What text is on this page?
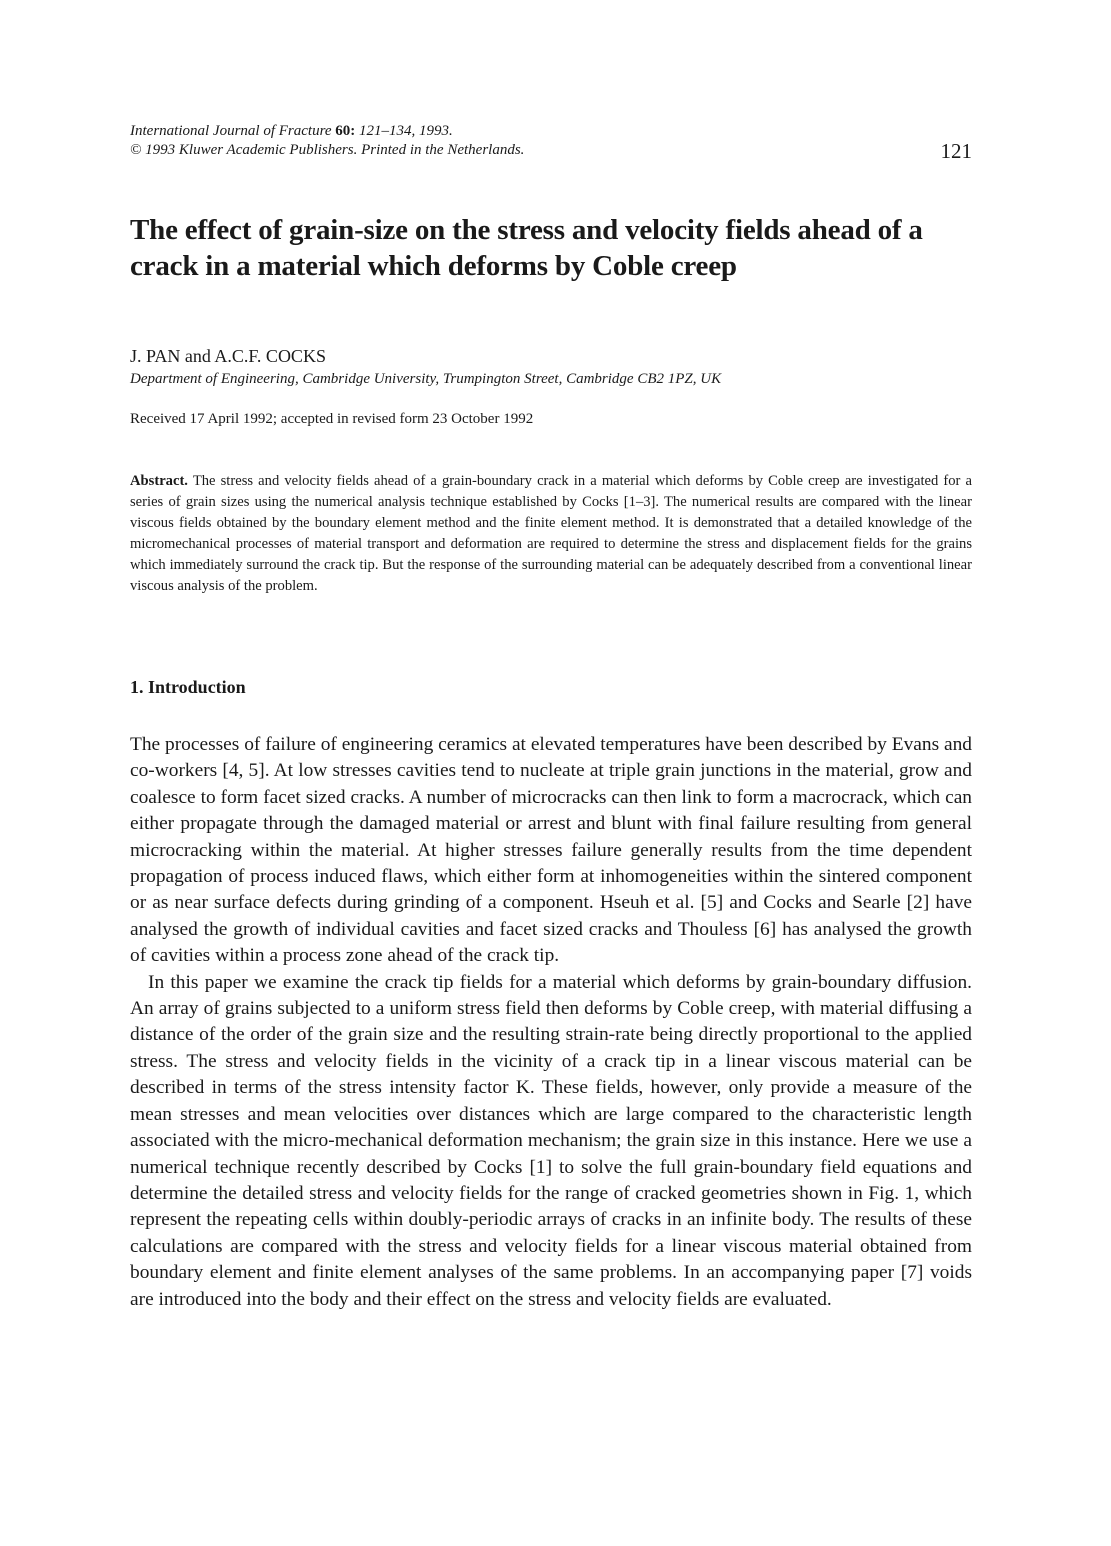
International Journal of Fracture 60: 121–134, 1993.
© 1993 Kluwer Academic Publishers. Printed in the Netherlands.	121
The effect of grain-size on the stress and velocity fields ahead of a crack in a material which deforms by Coble creep
J. PAN and A.C.F. COCKS
Department of Engineering, Cambridge University, Trumpington Street, Cambridge CB2 1PZ, UK
Received 17 April 1992; accepted in revised form 23 October 1992
Abstract. The stress and velocity fields ahead of a grain-boundary crack in a material which deforms by Coble creep are investigated for a series of grain sizes using the numerical analysis technique established by Cocks [1–3]. The numerical results are compared with the linear viscous fields obtained by the boundary element method and the finite element method. It is demonstrated that a detailed knowledge of the micromechanical processes of material transport and deformation are required to determine the stress and displacement fields for the grains which immediately surround the crack tip. But the response of the surrounding material can be adequately described from a conventional linear viscous analysis of the problem.
1. Introduction

The processes of failure of engineering ceramics at elevated temperatures have been described by Evans and co-workers [4, 5]. At low stresses cavities tend to nucleate at triple grain junctions in the material, grow and coalesce to form facet sized cracks. A number of microcracks can then link to form a macrocrack, which can either propagate through the damaged material or arrest and blunt with final failure resulting from general microcracking within the material. At higher stresses failure generally results from the time dependent propagation of process induced flaws, which either form at inhomogeneities within the sintered component or as near surface defects during grinding of a component. Hseuh et al. [5] and Cocks and Searle [2] have analysed the growth of individual cavities and facet sized cracks and Thouless [6] has analysed the growth of cavities within a process zone ahead of the crack tip.

In this paper we examine the crack tip fields for a material which deforms by grain-boundary diffusion. An array of grains subjected to a uniform stress field then deforms by Coble creep, with material diffusing a distance of the order of the grain size and the resulting strain-rate being directly proportional to the applied stress. The stress and velocity fields in the vicinity of a crack tip in a linear viscous material can be described in terms of the stress intensity factor K. These fields, however, only provide a measure of the mean stresses and mean velocities over distances which are large compared to the characteristic length associated with the micro-mechanical deformation mechanism; the grain size in this instance. Here we use a numerical technique recently described by Cocks [1] to solve the full grain-boundary field equations and determine the detailed stress and velocity fields for the range of cracked geometries shown in Fig. 1, which represent the repeating cells within doubly-periodic arrays of cracks in an infinite body. The results of these calculations are compared with the stress and velocity fields for a linear viscous material obtained from boundary element and finite element analyses of the same problems. In an accompanying paper [7] voids are introduced into the body and their effect on the stress and velocity fields are evaluated.
